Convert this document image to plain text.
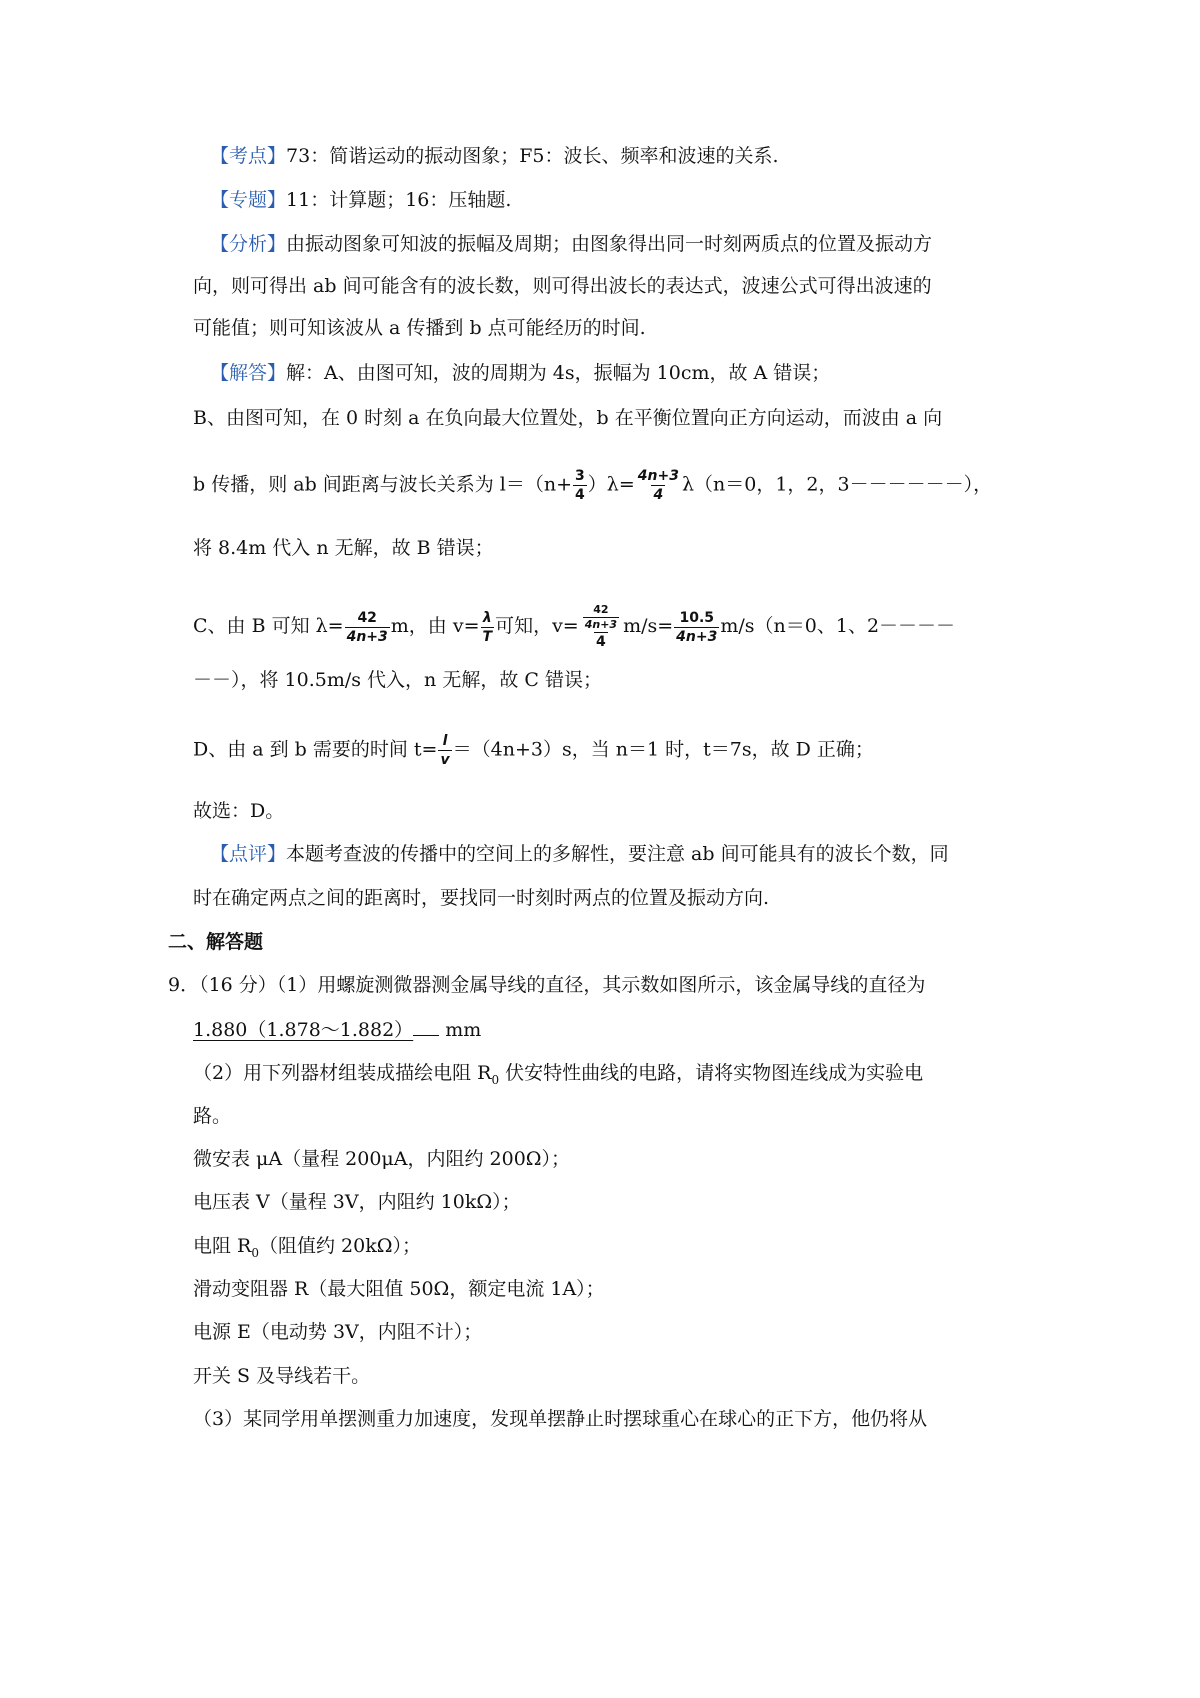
【考点】73：简谐运动的振动图象；F5：波长、频率和波速的关系.
【专题】11：计算题；16：压轴题.
【分析】由振动图象可知波的振幅及周期；由图象得出同一时刻两质点的位置及振动方
向，则可得出 ab 间可能含有的波长数，则可得出波长的表达式，波速公式可得出波速的
可能值；则可知该波从 a 传播到 b 点可能经历的时间.
【解答】解：A、由图可知，波的周期为 4s，振幅为 10cm，故 A 错误；
B、由图可知，在 0 时刻 a 在负向最大位置处，b 在平衡位置向正方向运动，而波由 a 向
b 传播，则 ab 间距离与波长关系为 $l=(n+ \frac{3}{4} )\lambda= \frac{4n+3}{4} \lambda(n=0$，1，2，3－－－－－－），
将 8.4m 代入 n 无解，故 B 错误；
C、由 B 可知 $\lambda= \frac{42}{4n+3}$ m，由 $v= \frac{\lambda}{T}$ 可知，$v= \frac{\frac{42}{4n+3}}{4} m/s= \frac{10.5}{4n+3} m/s(n=0$、1、2－－－－
－－），将 10.5m/s 代入，n 无解，故 C 错误；
D、由 a 到 b 需要的时间 $t= \frac{l}{v} =(4n+3)s$，当 n＝1 时，t＝7s，故 D 正确；
故选：D。
【点评】本题考查波的传播中的空间上的多解性，要注意 ab 间可能具有的波长个数，同
时在确定两点之间的距离时，要找同一时刻时两点的位置及振动方向.
二、解答题
9．（16 分）（1）用螺旋测微器测金属导线的直径，其示数如图所示，该金属导线的直径为
1.880（1.878～1.882） mm
（2）用下列器材组装成描绘电阻 $R_0$ 伏安特性曲线的电路，请将实物图连线成为实验电
路。
微安表 μA（量程 200μA，内阻约 200Ω）；
电压表 V（量程 3V，内阻约 10kΩ）；
电阻 $R_0$（阻值约 20kΩ）；
滑动变阻器 R（最大阻值 50Ω，额定电流 1A）；
电源 E（电动势 3V，内阻不计）；
开关 S 及导线若干。
（3）某同学用单摆测重力加速度，发现单摆静止时摆球重心在球心的正下方，他仍将从
